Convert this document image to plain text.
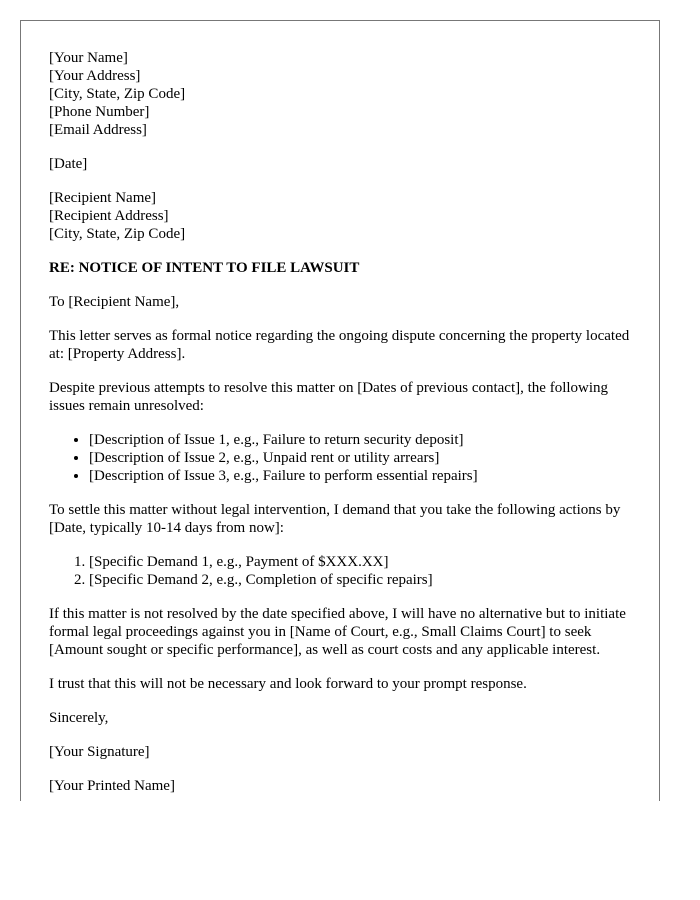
[Your Name]
[Your Address]
[City, State, Zip Code]
[Phone Number]
[Email Address]
[Date]
[Recipient Name]
[Recipient Address]
[City, State, Zip Code]
RE: NOTICE OF INTENT TO FILE LAWSUIT

To [Recipient Name],

This letter serves as formal notice regarding the ongoing dispute concerning the property located at: [Property Address].

Despite previous attempts to resolve this matter on [Dates of previous contact], the following issues remain unresolved:

• [Description of Issue 1, e.g., Failure to return security deposit]
• [Description of Issue 2, e.g., Unpaid rent or utility arrears]
• [Description of Issue 3, e.g., Failure to perform essential repairs]

To settle this matter without legal intervention, I demand that you take the following actions by [Date, typically 10-14 days from now]:

1. [Specific Demand 1, e.g., Payment of $XXX.XX]
2. [Specific Demand 2, e.g., Completion of specific repairs]

If this matter is not resolved by the date specified above, I will have no alternative but to initiate formal legal proceedings against you in [Name of Court, e.g., Small Claims Court] to seek [Amount sought or specific performance], as well as court costs and any applicable interest.

I trust that this will not be necessary and look forward to your prompt response.

Sincerely,

[Your Signature]

[Your Printed Name]
